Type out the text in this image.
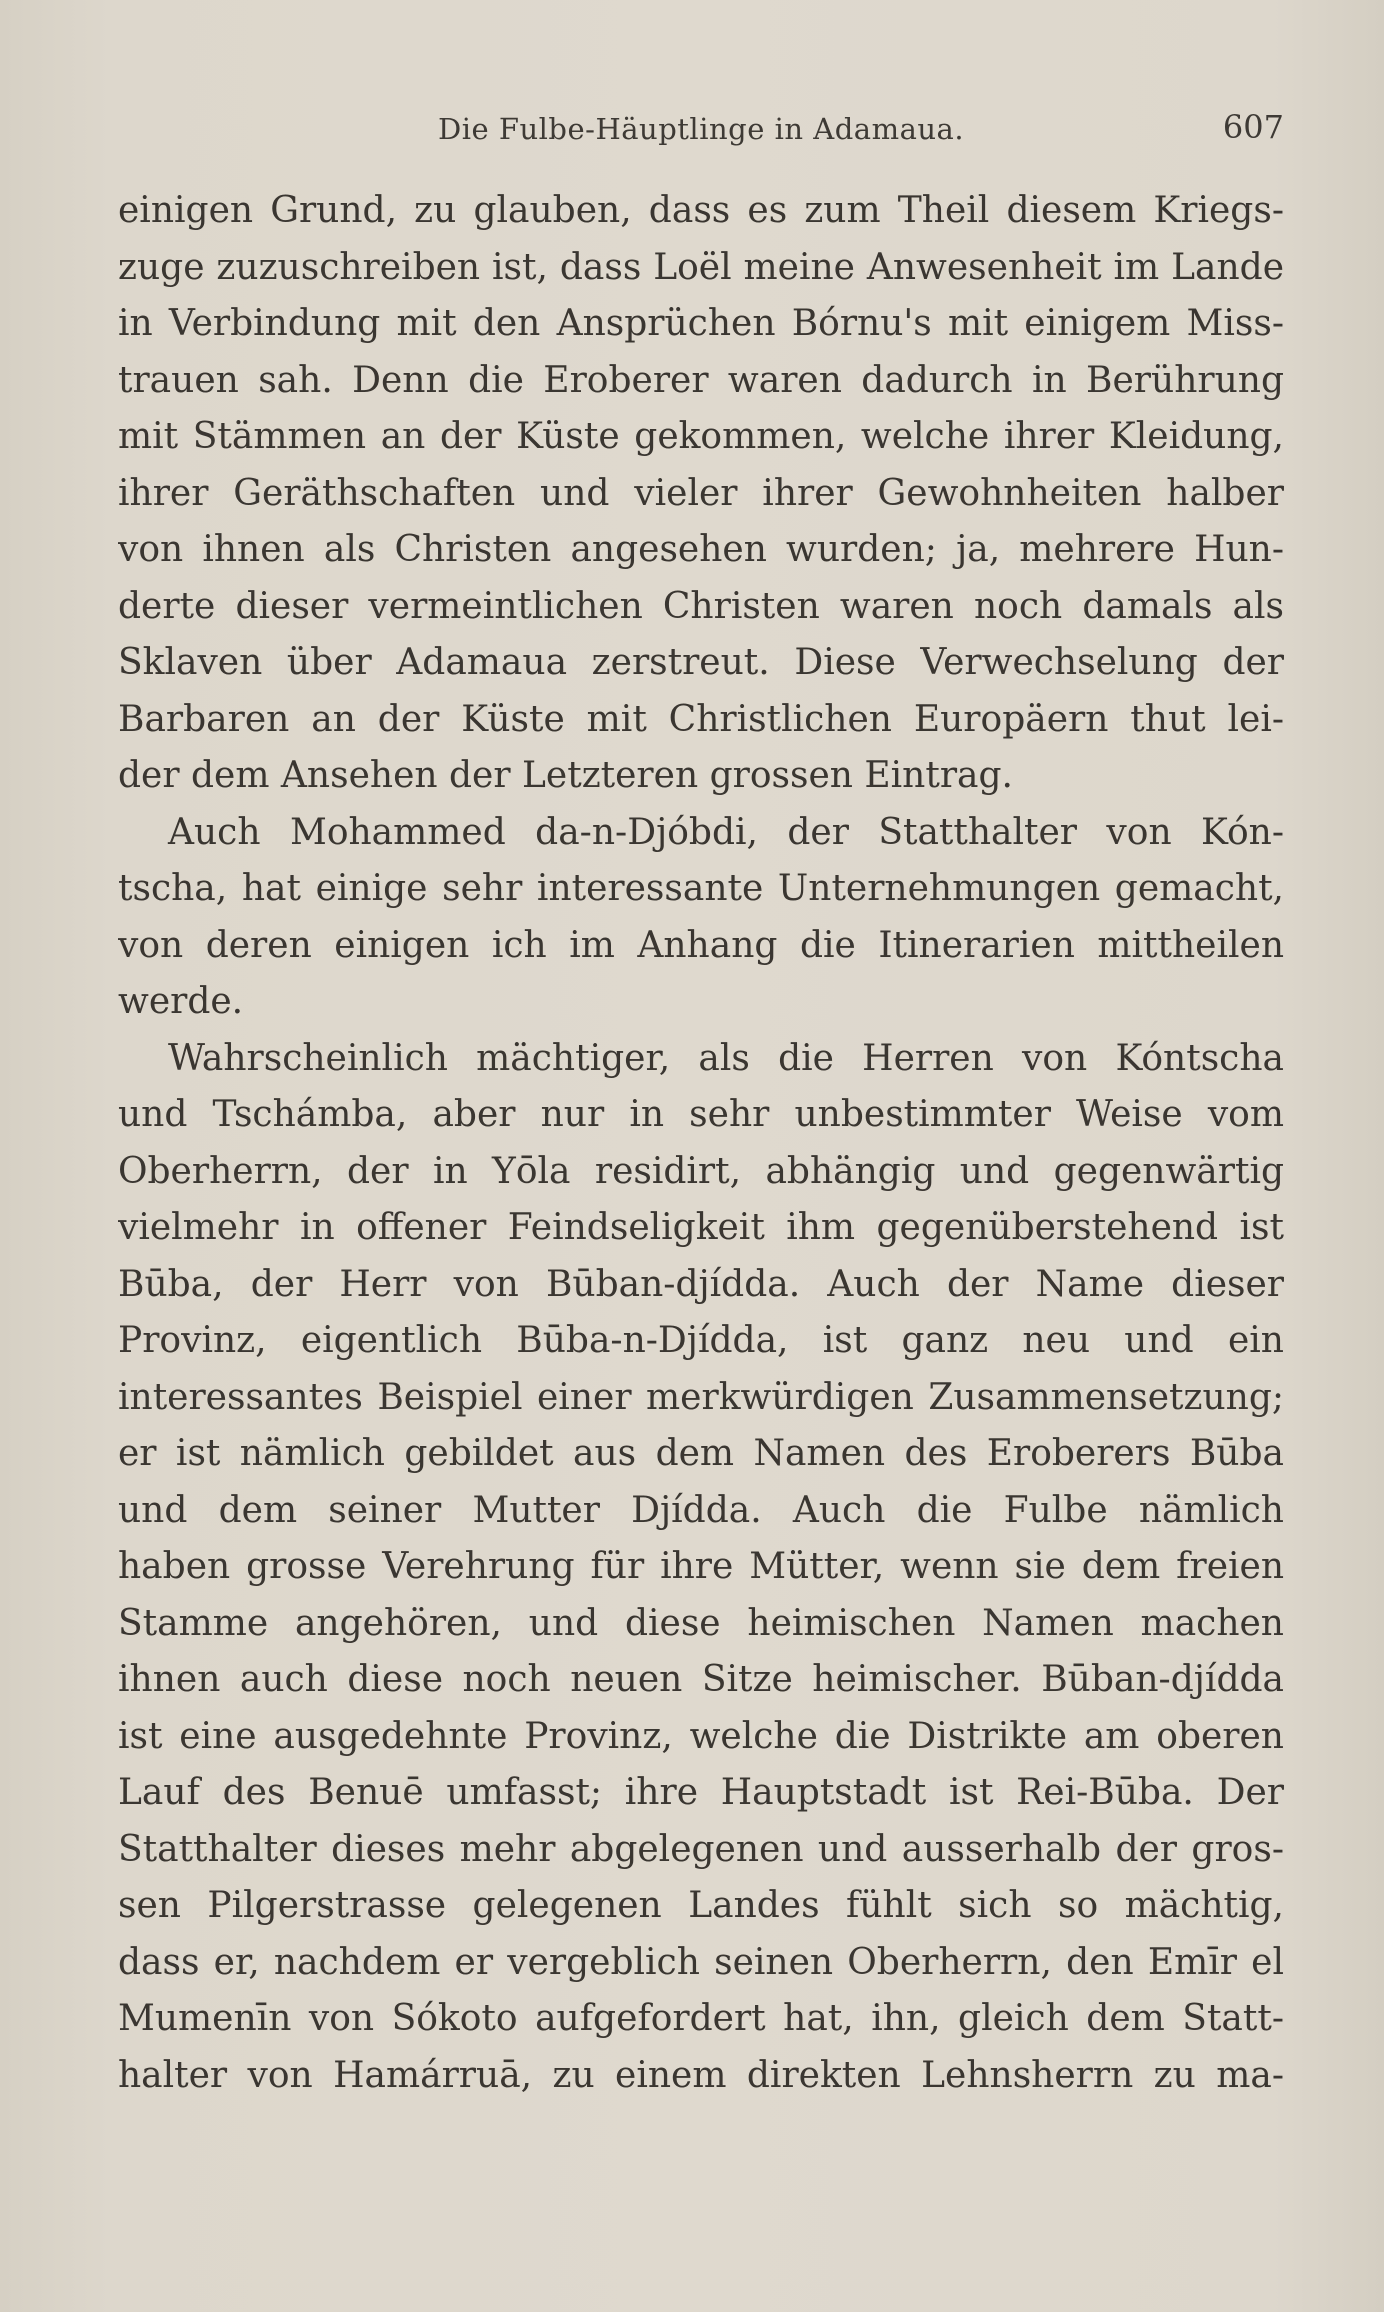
Die Fulbe-Häuptlinge in Adamaua.	607
einigen Grund, zu glauben, dass es zum Theil diesem Kriegs-
zuge zuzuschreiben ist, dass Loël meine Anwesenheit im Lande
in Verbindung mit den Ansprüchen Bórnu's mit einigem Miss-
trauen sah. Denn die Eroberer waren dadurch in Berührung
mit Stämmen an der Küste gekommen, welche ihrer Kleidung,
ihrer Geräthschaften und vieler ihrer Gewohnheiten halber
von ihnen als Christen angesehen wurden; ja, mehrere Hun-
derte dieser vermeintlichen Christen waren noch damals als
Sklaven über Adamaua zerstreut. Diese Verwechselung der
Barbaren an der Küste mit Christlichen Europäern thut lei-
der dem Ansehen der Letzteren grossen Eintrag.
Auch Mohammed da-n-Djóbdi, der Statthalter von Kón-
tscha, hat einige sehr interessante Unternehmungen gemacht,
von deren einigen ich im Anhang die Itinerarien mittheilen
werde.
Wahrscheinlich mächtiger, als die Herren von Kóntscha
und Tschámba, aber nur in sehr unbestimmter Weise vom
Oberherrn, der in Yōla residirt, abhängig und gegenwärtig
vielmehr in offener Feindseligkeit ihm gegenüberstehend ist
Būba, der Herr von Būban-djídda. Auch der Name dieser
Provinz, eigentlich Būba-n-Djídda, ist ganz neu und ein
interessantes Beispiel einer merkwürdigen Zusammensetzung;
er ist nämlich gebildet aus dem Namen des Eroberers Būba
und dem seiner Mutter Djídda. Auch die Fulbe nämlich
haben grosse Verehrung für ihre Mütter, wenn sie dem freien
Stamme angehören, und diese heimischen Namen machen
ihnen auch diese noch neuen Sitze heimischer. Būban-djídda
ist eine ausgedehnte Provinz, welche die Distrikte am oberen
Lauf des Benuē umfasst; ihre Hauptstadt ist Rei-Būba. Der
Statthalter dieses mehr abgelegenen und ausserhalb der gros-
sen Pilgerstrasse gelegenen Landes fühlt sich so mächtig,
dass er, nachdem er vergeblich seinen Oberherrn, den Emīr el
Mumenīn von Sókoto aufgefordert hat, ihn, gleich dem Statt-
halter von Hamárruā, zu einem direkten Lehnsherrn zu ma-
